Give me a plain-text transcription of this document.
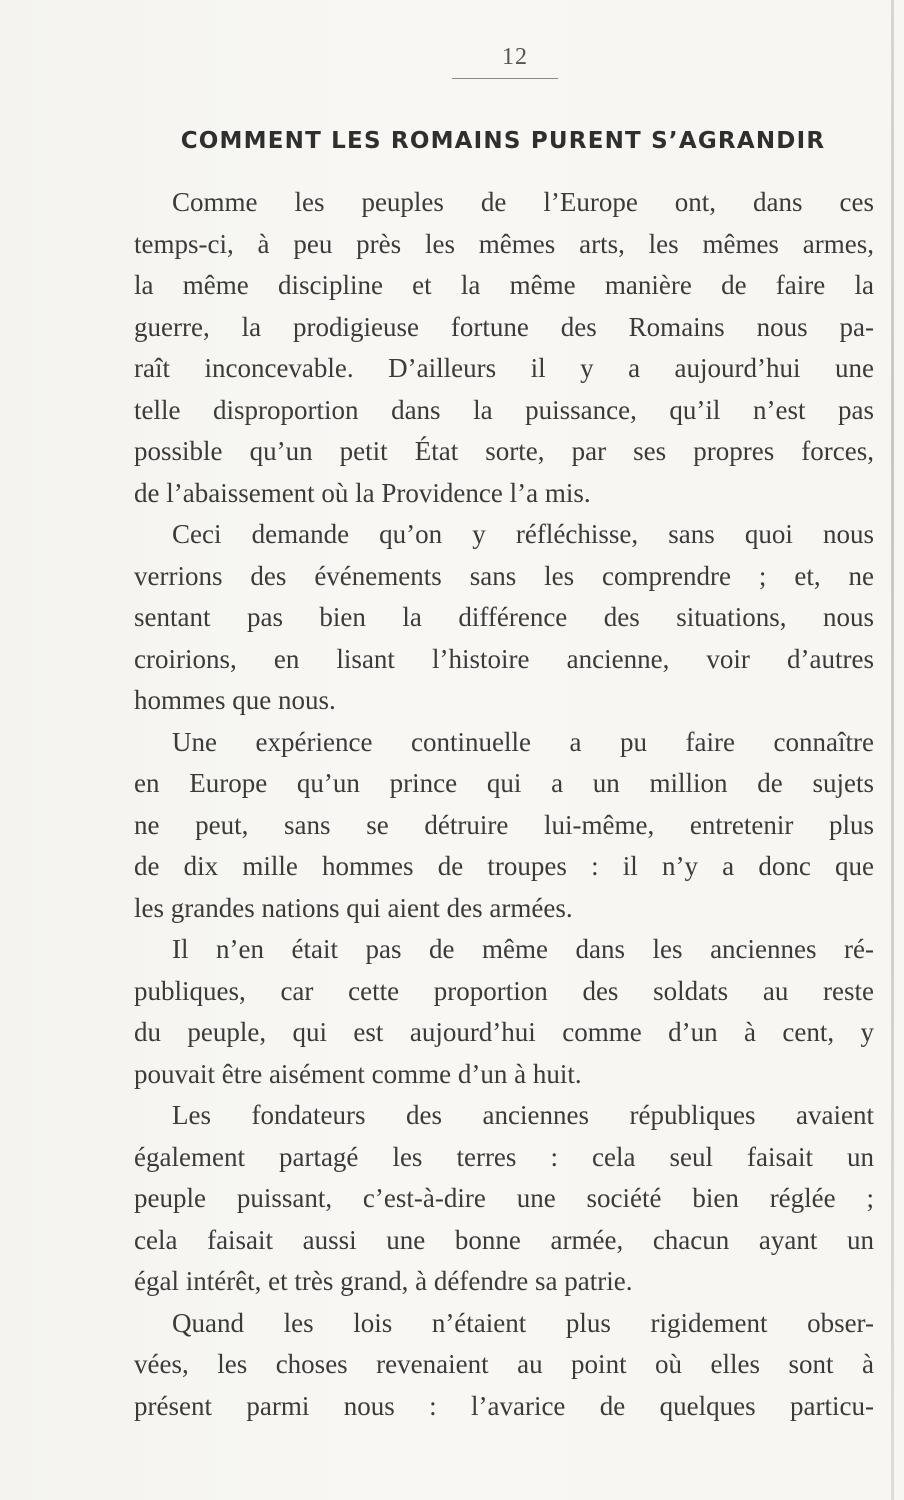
12
COMMENT LES ROMAINS PURENT S’AGRANDIR
Comme les peuples de l’Europe ont, dans ces
temps-ci, à peu près les mêmes arts, les mêmes armes,
la même discipline et la même manière de faire la
guerre, la prodigieuse fortune des Romains nous pa-
raît inconcevable. D’ailleurs il y a aujourd’hui une
telle disproportion dans la puissance, qu’il n’est pas
possible qu’un petit État sorte, par ses propres forces,
de l’abaissement où la Providence l’a mis.
Ceci demande qu’on y réfléchisse, sans quoi nous
verrions des événements sans les comprendre ; et, ne
sentant pas bien la différence des situations, nous
croirions, en lisant l’histoire ancienne, voir d’autres
hommes que nous.
Une expérience continuelle a pu faire connaître
en Europe qu’un prince qui a un million de sujets
ne peut, sans se détruire lui-même, entretenir plus
de dix mille hommes de troupes : il n’y a donc que
les grandes nations qui aient des armées.
Il n’en était pas de même dans les anciennes ré-
publiques, car cette proportion des soldats au reste
du peuple, qui est aujourd’hui comme d’un à cent, y
pouvait être aisément comme d’un à huit.
Les fondateurs des anciennes républiques avaient
également partagé les terres : cela seul faisait un
peuple puissant, c’est-à-dire une société bien réglée ;
cela faisait aussi une bonne armée, chacun ayant un
égal intérêt, et très grand, à défendre sa patrie.
Quand les lois n’étaient plus rigidement obser-
vées, les choses revenaient au point où elles sont à
présent parmi nous : l’avarice de quelques particu-
